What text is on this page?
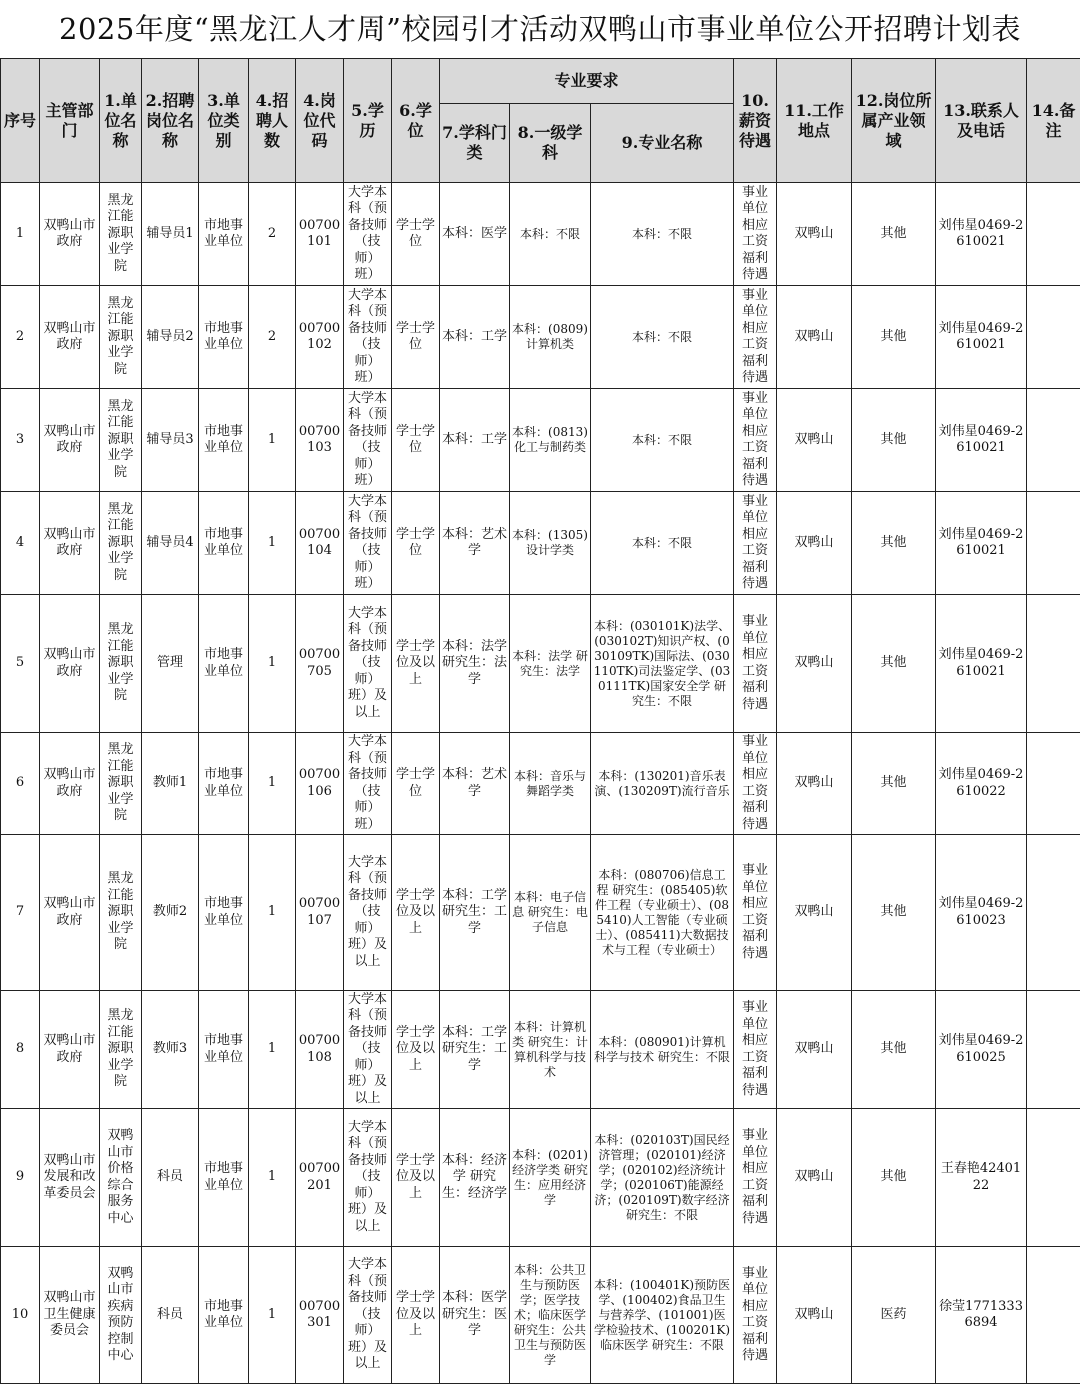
2025年度“黑龙江人才周”校园引才活动双鸭山市事业单位公开招聘计划表
序号	主管部门	1.单位名称	2.招聘岗位名称	3.单位类别	4.招聘人数	4.岗位代码	5.学历	6.学位	专业要求			10.薪资待遇	11.工作地点	12.岗位所属产业领域	13.联系人及电话	14.备注
									7.学科门类	8.一级学科	9.专业名称					
1	双鸭山市政府	黑龙江能源职业学院	辅导员1	市地事业单位	2	00700101	大学本科（预备技师（技师）班）	学士学位	本科：医学	本科：不限	本科：不限	事业单位相应工资福利待遇	双鸭山	其他	刘伟星0469-2610021	
2	双鸭山市政府	黑龙江能源职业学院	辅导员2	市地事业单位	2	00700102	大学本科（预备技师（技师）班）	学士学位	本科：工学	本科：(0809)计算机类	本科：不限	事业单位相应工资福利待遇	双鸭山	其他	刘伟星0469-2610021	
3	双鸭山市政府	黑龙江能源职业学院	辅导员3	市地事业单位	1	00700103	大学本科（预备技师（技师）班）	学士学位	本科：工学	本科：(0813)化工与制药类	本科：不限	事业单位相应工资福利待遇	双鸭山	其他	刘伟星0469-2610021	
4	双鸭山市政府	黑龙江能源职业学院	辅导员4	市地事业单位	1	00700104	大学本科（预备技师（技师）班）	学士学位	本科：艺术学	本科：(1305)设计学类	本科：不限	事业单位相应工资福利待遇	双鸭山	其他	刘伟星0469-2610021	
5	双鸭山市政府	黑龙江能源职业学院	管理	市地事业单位	1	00700705	大学本科（预备技师（技师）班）及以上	学士学位及以上	本科：法学 研究生：法学	本科：法学 研究生：法学	本科：(030101K)法学、(030102T)知识产权、(030109TK)国际法、(030110TK)司法鉴定学、(030111TK)国家安全学 研究生：不限	事业单位相应工资福利待遇	双鸭山	其他	刘伟星0469-2610021	
6	双鸭山市政府	黑龙江能源职业学院	教师1	市地事业单位	1	00700106	大学本科（预备技师（技师）班）	学士学位	本科：艺术学	本科：音乐与舞蹈学类	本科：(130201)音乐表演、(130209T)流行音乐	事业单位相应工资福利待遇	双鸭山	其他	刘伟星0469-2610022	
7	双鸭山市政府	黑龙江能源职业学院	教师2	市地事业单位	1	00700107	大学本科（预备技师（技师）班）及以上	学士学位及以上	本科：工学 研究生：工学	本科：电子信息 研究生：电子信息	本科：(080706)信息工程 研究生：(085405)软件工程（专业硕士）、(085410)人工智能（专业硕士）、(085411)大数据技术与工程（专业硕士）	事业单位相应工资福利待遇	双鸭山	其他	刘伟星0469-2610023	
8	双鸭山市政府	黑龙江能源职业学院	教师3	市地事业单位	1	00700108	大学本科（预备技师（技师）班）及以上	学士学位及以上	本科：工学 研究生：工学	本科：计算机类 研究生：计算机科学与技术	本科：(080901)计算机科学与技术 研究生：不限	事业单位相应工资福利待遇	双鸭山	其他	刘伟星0469-2610025	
9	双鸭山市发展和改革委员会	双鸭山市价格综合服务中心	科员	市地事业单位	1	00700201	大学本科（预备技师（技师）班）及以上	学士学位及以上	本科：经济学 研究生：经济学	本科：(0201)经济学类 研究生：应用经济学	本科：(020103T)国民经济管理；(020101)经济学；(020102)经济统计学；(020106T)能源经济；(020109T)数字经济 研究生：不限	事业单位相应工资福利待遇	双鸭山	其他	王春艳4240122	
10	双鸭山市卫生健康委员会	双鸭山市疾病预防控制中心	科员	市地事业单位	1	00700301	大学本科（预备技师（技师）班）及以上	学士学位及以上	本科：医学 研究生：医学	本科：公共卫生与预防医学；医学技术；临床医学 研究生：公共卫生与预防医学	本科：(100401K)预防医学、(100402)食品卫生与营养学、(101001)医学检验技术、(100201K)临床医学 研究生：不限	事业单位相应工资福利待遇	双鸭山	医药	徐莹17713336894	
